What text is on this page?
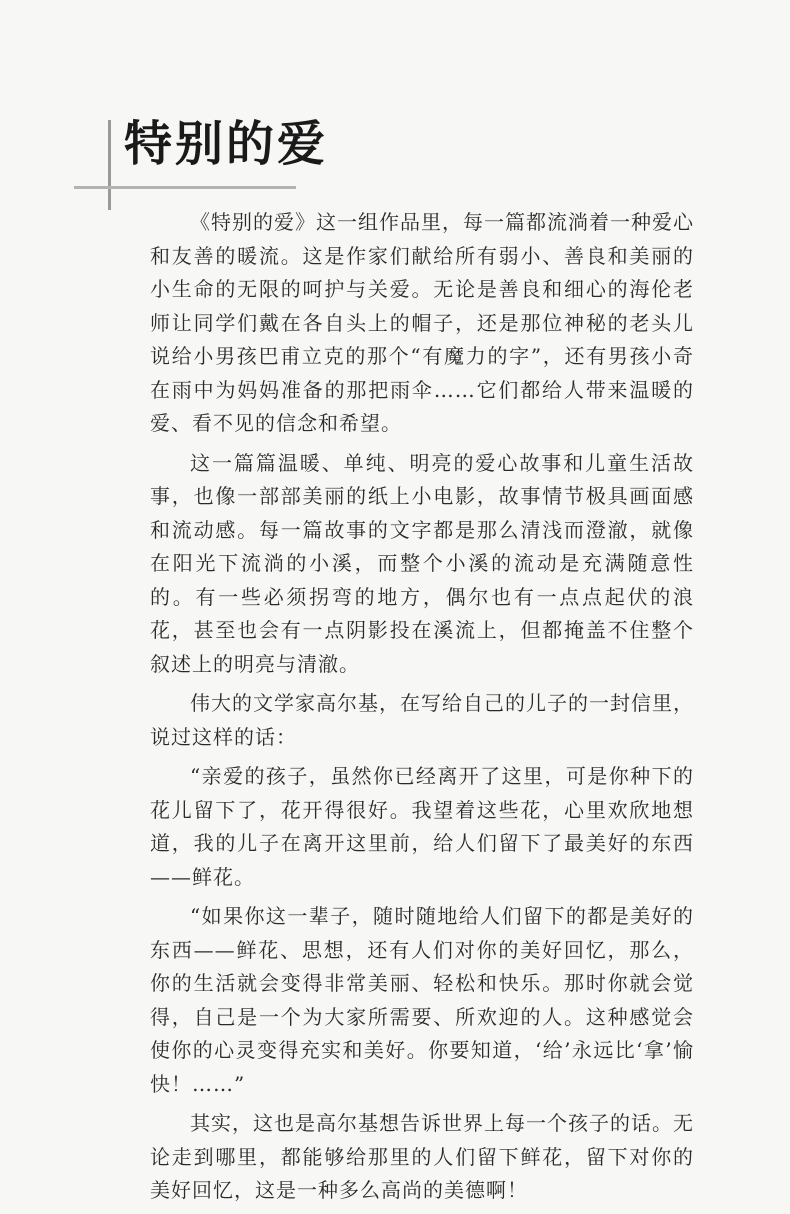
特别的爱

《特别的爱》这一组作品里，每一篇都流淌着一种爱心和友善的暖流。这是作家们献给所有弱小、善良和美丽的小生命的无限的呵护与关爱。无论是善良和细心的海伦老师让同学们戴在各自头上的帽子，还是那位神秘的老头儿说给小男孩巴甫立克的那个“有魔力的字”，还有男孩小奇在雨中为妈妈准备的那把雨伞……它们都给人带来温暖的爱、看不见的信念和希望。

这一篇篇温暖、单纯、明亮的爱心故事和儿童生活故事，也像一部部美丽的纸上小电影，故事情节极具画面感和流动感。每一篇故事的文字都是那么清浅而澄澈，就像在阳光下流淌的小溪，而整个小溪的流动是充满随意性的。有一些必须拐弯的地方，偶尔也有一点点起伏的浪花，甚至也会有一点阴影投在溪流上，但都掩盖不住整个叙述上的明亮与清澈。

伟大的文学家高尔基，在写给自己的儿子的一封信里，说过这样的话：

“亲爱的孩子，虽然你已经离开了这里，可是你种下的花儿留下了，花开得很好。我望着这些花，心里欢欣地想道，我的儿子在离开这里前，给人们留下了最美好的东西——鲜花。

“如果你这一辈子，随时随地给人们留下的都是美好的东西——鲜花、思想，还有人们对你的美好回忆，那么，你的生活就会变得非常美丽、轻松和快乐。那时你就会觉得，自己是一个为大家所需要、所欢迎的人。这种感觉会使你的心灵变得充实和美好。你要知道，‘给’永远比‘拿’愉快！……”

其实，这也是高尔基想告诉世界上每一个孩子的话。无论走到哪里，都能够给那里的人们留下鲜花，留下对你的美好回忆，这是一种多么高尚的美德啊！
